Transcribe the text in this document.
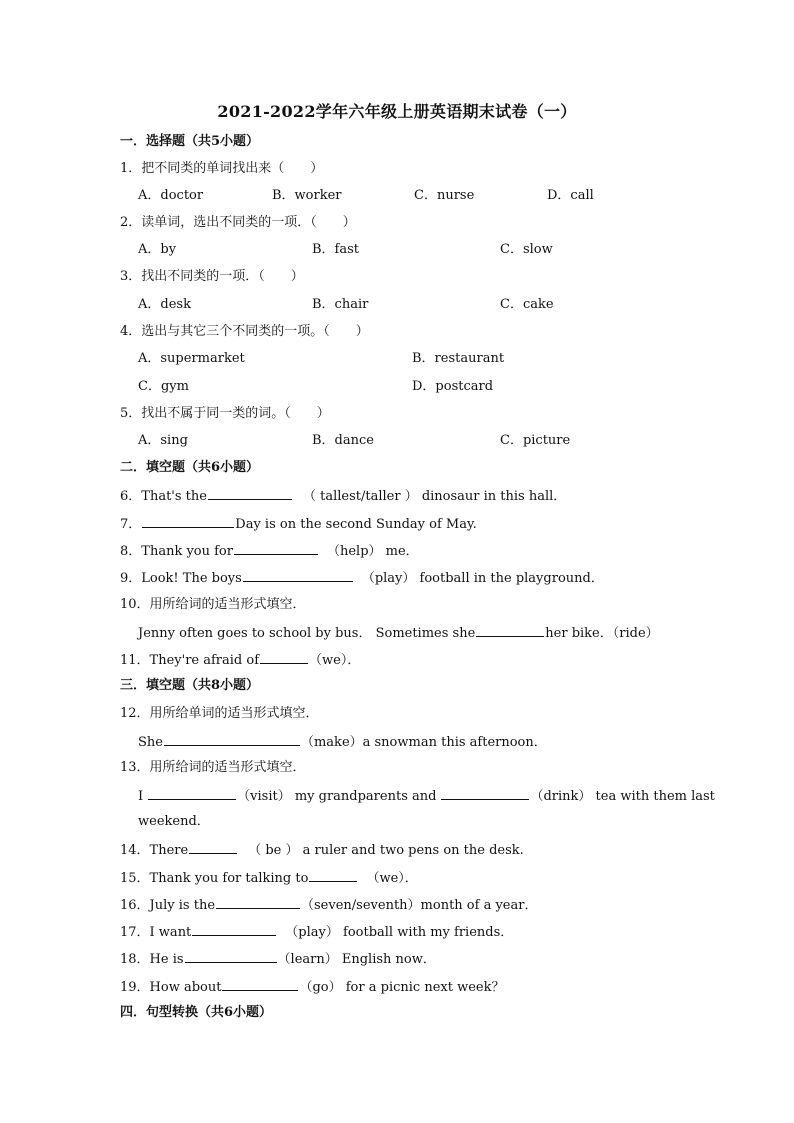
2021-2022学年六年级上册英语期末试卷（一）
一．选择题（共5小题）
1．把不同类的单词找出来（　　）
A．doctor	B．worker	C．nurse	D．call
2．读单词，选出不同类的一项．（　　）
A．by	B．fast	C．slow
3．找出不同类的一项．（　　）
A．desk	B．chair	C．cake
4．选出与其它三个不同类的一项。（　　）
A．supermarket	B．restaurant
C．gym	D．postcard
5．找出不属于同一类的词。（　　）
A．sing	B．dance	C．picture
二．填空题（共6小题）
6．That's the	（ tallest/taller ） dinosaur in this hall．
7．	Day is on the second Sunday of May.
8．Thank you for	（help） me．
9．Look! The boys	（play） football in the playground．
10．用所给词的适当形式填空．
Jenny often goes to school by bus． Sometimes she	her bike．（ride）
11．They're afraid of	（we）．
三．填空题（共8小题）
12．用所给单词的适当形式填空．
She	（make）a snowman this afternoon．
13．用所给词的适当形式填空．
I	（visit） my grandparents and	（drink） tea with them last
weekend．
14．There	（ be ） a ruler and two pens on the desk.
15．Thank you for talking to	（we）．
16．July is the	（seven/seventh）month of a year．
17．I want	（play） football with my friends．
18．He is	（learn） English now．
19．How about	（go） for a picnic next week？
四．句型转换（共6小题）
